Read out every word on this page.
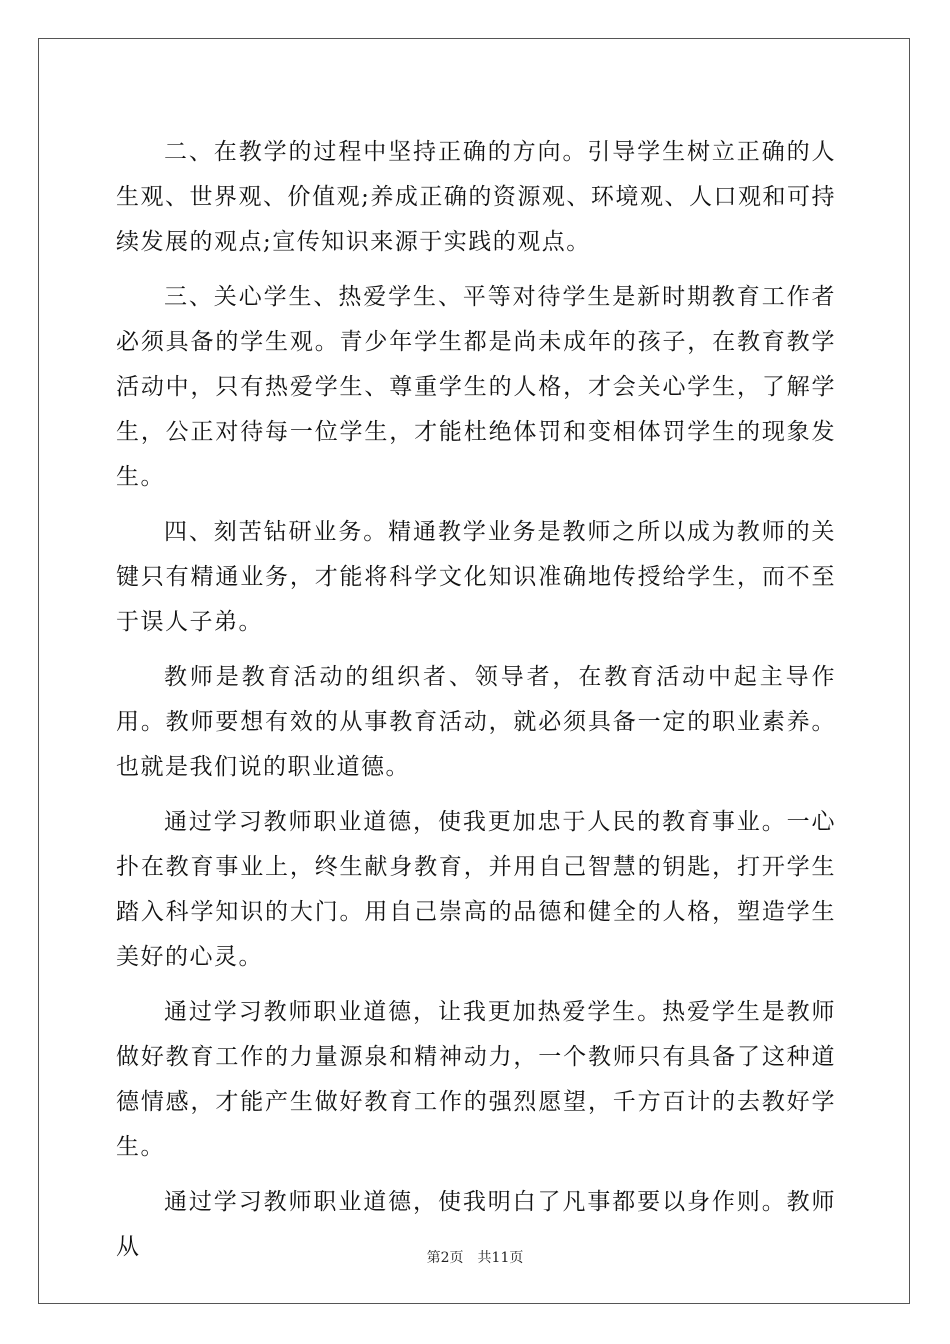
二、在教学的过程中坚持正确的方向。引导学生树立正确的人生观、世界观、价值观;养成正确的资源观、环境观、人口观和可持续发展的观点;宣传知识来源于实践的观点。

三、关心学生、热爱学生、平等对待学生是新时期教育工作者必须具备的学生观。青少年学生都是尚未成年的孩子，在教育教学活动中，只有热爱学生、尊重学生的人格，才会关心学生，了解学生，公正对待每一位学生，才能杜绝体罚和变相体罚学生的现象发生。

四、刻苦钻研业务。精通教学业务是教师之所以成为教师的关键只有精通业务，才能将科学文化知识准确地传授给学生，而不至于误人子弟。

教师是教育活动的组织者、领导者，在教育活动中起主导作用。教师要想有效的从事教育活动，就必须具备一定的职业素养。也就是我们说的职业道德。

通过学习教师职业道德，使我更加忠于人民的教育事业。一心扑在教育事业上，终生献身教育，并用自己智慧的钥匙，打开学生踏入科学知识的大门。用自己崇高的品德和健全的人格，塑造学生美好的心灵。

通过学习教师职业道德，让我更加热爱学生。热爱学生是教师做好教育工作的力量源泉和精神动力，一个教师只有具备了这种道德情感，才能产生做好教育工作的强烈愿望，千方百计的去教好学生。

通过学习教师职业道德，使我明白了凡事都要以身作则。教师从	第2页 共11页
